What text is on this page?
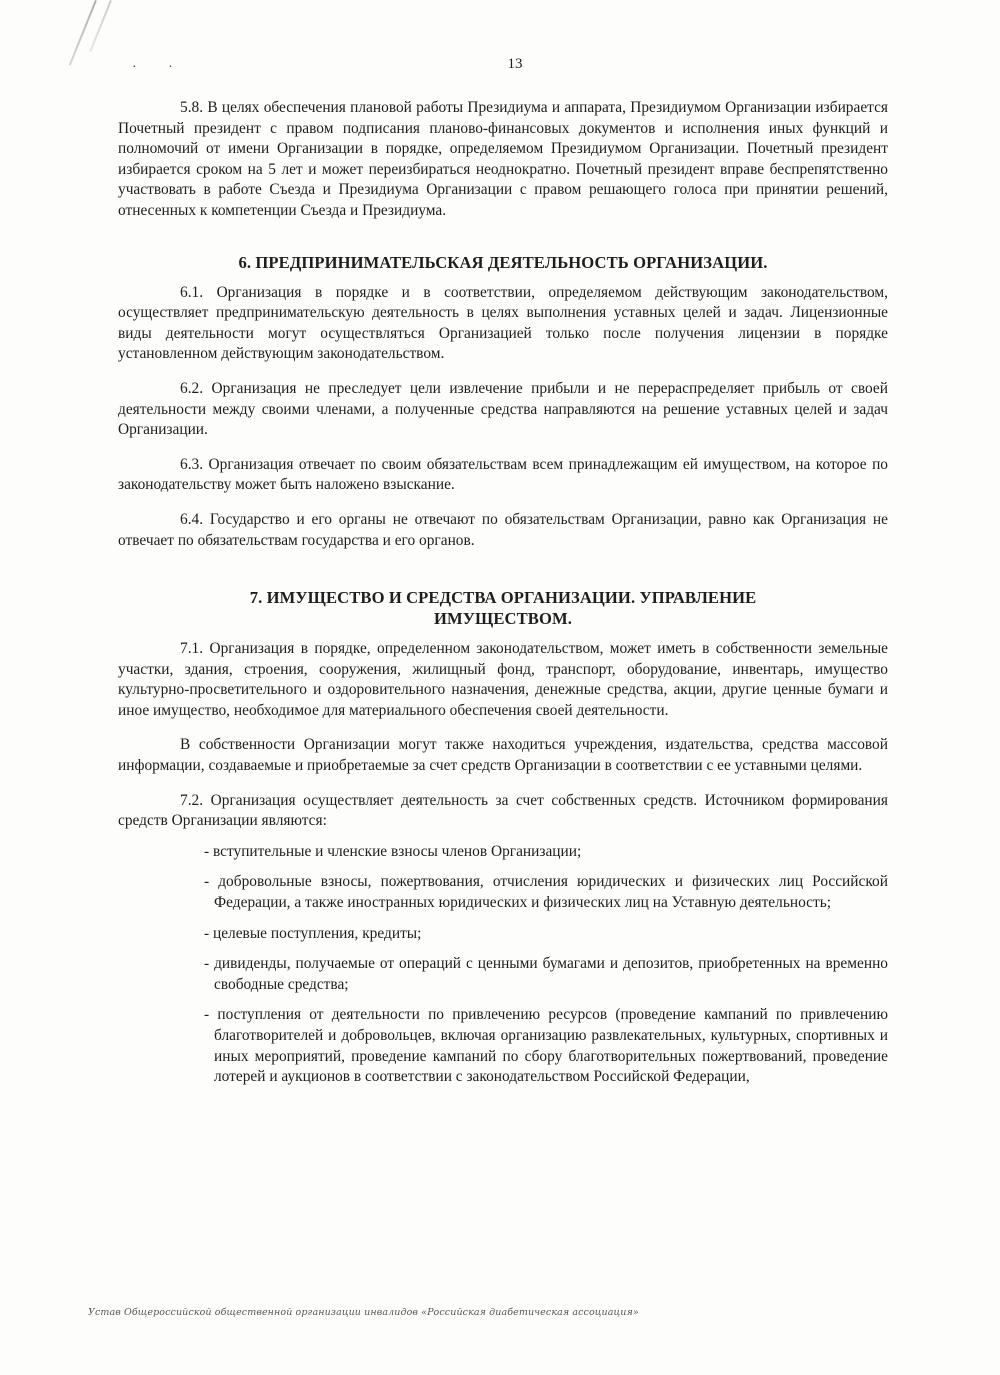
· ·	13

5.8. В целях обеспечения плановой работы Президиума и аппарата, Президиумом Организации избирается Почетный президент с правом подписания планово-финансовых документов и исполнения иных функций и полномочий от имени Организации в порядке, определяемом Президиумом Организации. Почетный президент избирается сроком на 5 лет и может переизбираться неоднократно. Почетный президент вправе беспрепятственно участвовать в работе Съезда и Президиума Организации с правом решающего голоса при принятии решений, отнесенных к компетенции Съезда и Президиума.

6. ПРЕДПРИНИМАТЕЛЬСКАЯ ДЕЯТЕЛЬНОСТЬ ОРГАНИЗАЦИИ.

6.1. Организация в порядке и в соответствии, определяемом действующим законодательством, осуществляет предпринимательскую деятельность в целях выполнения уставных целей и задач. Лицензионные виды деятельности могут осуществляться Организацией только после получения лицензии в порядке установленном действующим законодательством.

6.2. Организация не преследует цели извлечение прибыли и не перераспределяет прибыль от своей деятельности между своими членами, а полученные средства направляются на решение уставных целей и задач Организации.

6.3. Организация отвечает по своим обязательствам всем принадлежащим ей имуществом, на которое по законодательству может быть наложено взыскание.

6.4. Государство и его органы не отвечают по обязательствам Организации, равно как Организация не отвечает по обязательствам государства и его органов.

7. ИМУЩЕСТВО И СРЕДСТВА ОРГАНИЗАЦИИ. УПРАВЛЕНИЕ ИМУЩЕСТВОМ.

7.1. Организация в порядке, определенном законодательством, может иметь в собственности земельные участки, здания, строения, сооружения, жилищный фонд, транспорт, оборудование, инвентарь, имущество культурно-просветительного и оздоровительного назначения, денежные средства, акции, другие ценные бумаги и иное имущество, необходимое для материального обеспечения своей деятельности.

В собственности Организации могут также находиться учреждения, издательства, средства массовой информации, создаваемые и приобретаемые за счет средств Организации в соответствии с ее уставными целями.

7.2. Организация осуществляет деятельность за счет собственных средств. Источником формирования средств Организации являются:

- вступительные и членские взносы членов Организации;
- добровольные взносы, пожертвования, отчисления юридических и физических лиц Российской Федерации, а также иностранных юридических и физических лиц на Уставную деятельность;
- целевые поступления, кредиты;
- дивиденды, получаемые от операций с ценными бумагами и депозитов, приобретенных на временно свободные средства;
- поступления от деятельности по привлечению ресурсов (проведение кампаний по привлечению благотворителей и добровольцев, включая организацию развлекательных, культурных, спортивных и иных мероприятий, проведение кампаний по сбору благотворительных пожертвований, проведение лотерей и аукционов в соответствии с законодательством Российской Федерации,
Устав Общероссийской общественной организации инвалидов «Российская диабетическая ассоциация»
